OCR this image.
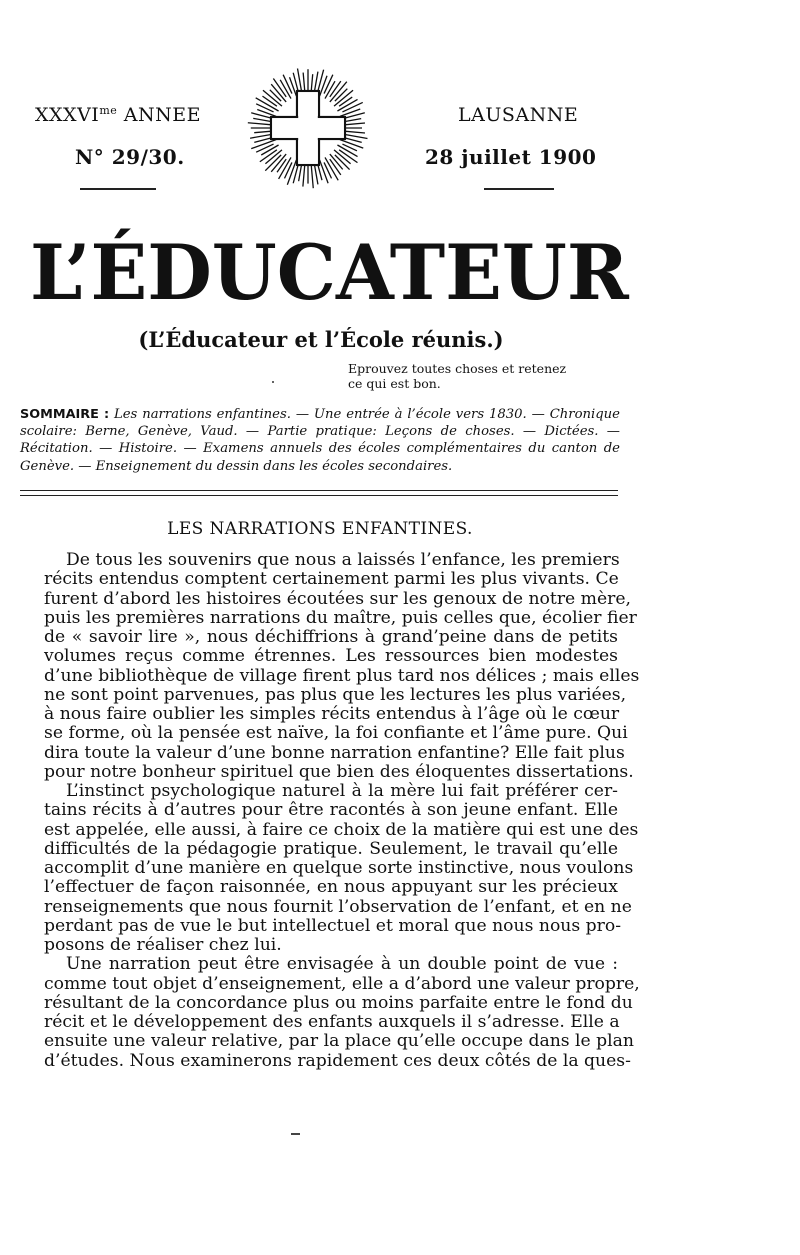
$XXXVI^{me}$ ANNEE
N° 29/30.
LAUSANNE
28 juillet 1900
L’ÉDUCATEUR
(L’Éducateur et l’École réunis.)
Eprouvez toutes choses et retenez
ce qui est bon.
SOMMAIRE : Les narrations enfantines. — Une entrée à l’école vers 1830. — Chronique scolaire: Berne, Genève, Vaud. — Partie pratique: Leçons de choses. — Dictées. — Récitation. — Histoire. — Examens annuels des écoles complémentaires du canton de Genève. — Enseignement du dessin dans les écoles secondaires.
LES NARRATIONS ENFANTINES.

De tous les souvenirs que nous a laissés l’enfance, les premiers
récits entendus comptent certainement parmi les plus vivants. Ce
furent d’abord les histoires écoutées sur les genoux de notre mère,
puis les premières narrations du maître, puis celles que, écolier fier
de « savoir lire », nous déchiffrions à grand’peine dans de petits
volumes reçus comme étrennes. Les ressources bien modestes
d’une bibliothèque de village firent plus tard nos délices ; mais elles
ne sont point parvenues, pas plus que les lectures les plus variées,
à nous faire oublier les simples récits entendus à l’âge où le cœur
se forme, où la pensée est naïve, la foi confiante et l’âme pure. Qui
dira toute la valeur d’une bonne narration enfantine? Elle fait plus
pour notre bonheur spirituel que bien des éloquentes dissertations.

L’instinct psychologique naturel à la mère lui fait préférer cer-
tains récits à d’autres pour être racontés à son jeune enfant. Elle
est appelée, elle aussi, à faire ce choix de la matière qui est une des
difficultés de la pédagogie pratique. Seulement, le travail qu’elle
accomplit d’une manière en quelque sorte instinctive, nous voulons
l’effectuer de façon raisonnée, en nous appuyant sur les précieux
renseignements que nous fournit l’observation de l’enfant, et en ne
perdant pas de vue le but intellectuel et moral que nous nous pro-
posons de réaliser chez lui.

Une narration peut être envisagée à un double point de vue :
comme tout objet d’enseignement, elle a d’abord une valeur propre,
résultant de la concordance plus ou moins parfaite entre le fond du
récit et le développement des enfants auxquels il s’adresse. Elle a
ensuite une valeur relative, par la place qu’elle occupe dans le plan
d’études. Nous examinerons rapidement ces deux côtés de la ques-
